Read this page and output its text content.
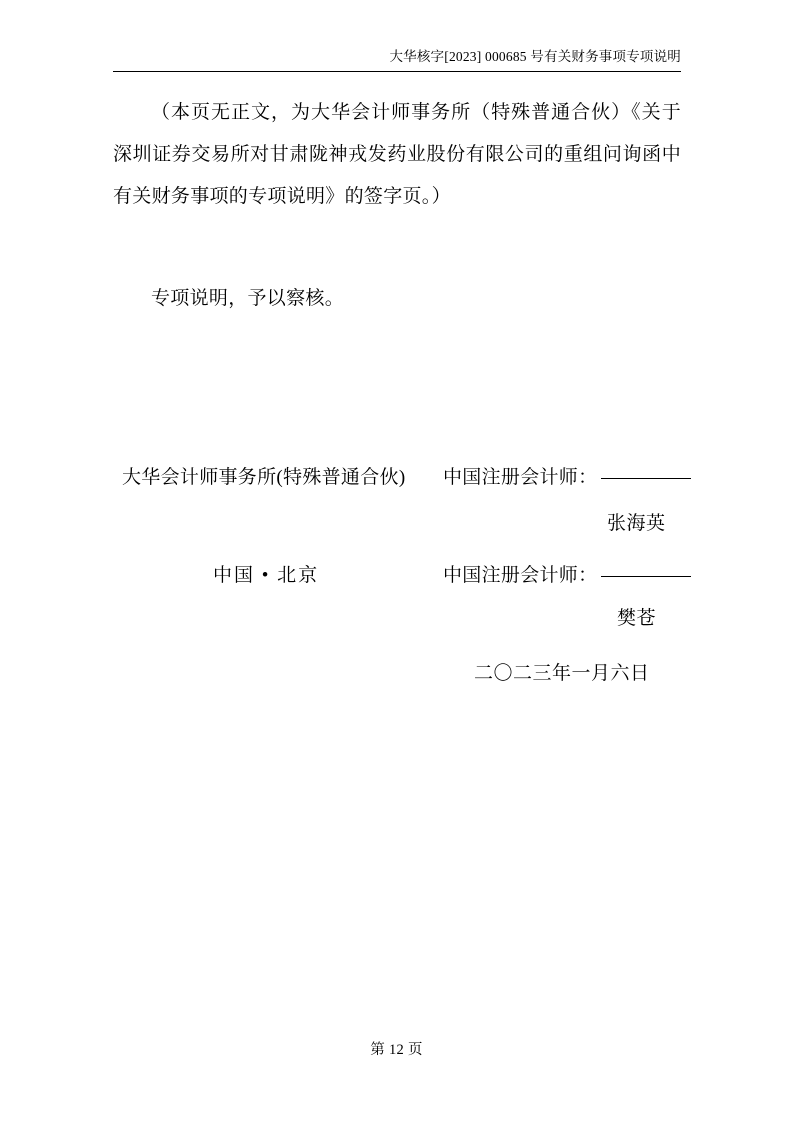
大华核字[2023] 000685 号有关财务事项专项说明
（本页无正文，为大华会计师事务所（特殊普通合伙）《关于深圳证券交易所对甘肃陇神戎发药业股份有限公司的重组问询函中有关财务事项的专项说明》的签字页。）
专项说明，予以察核。
大华会计师事务所(特殊普通合伙)
中国 • 北京
中国注册会计师：
张海英
中国注册会计师：
樊苍
二〇二三年一月六日
第 12 页
